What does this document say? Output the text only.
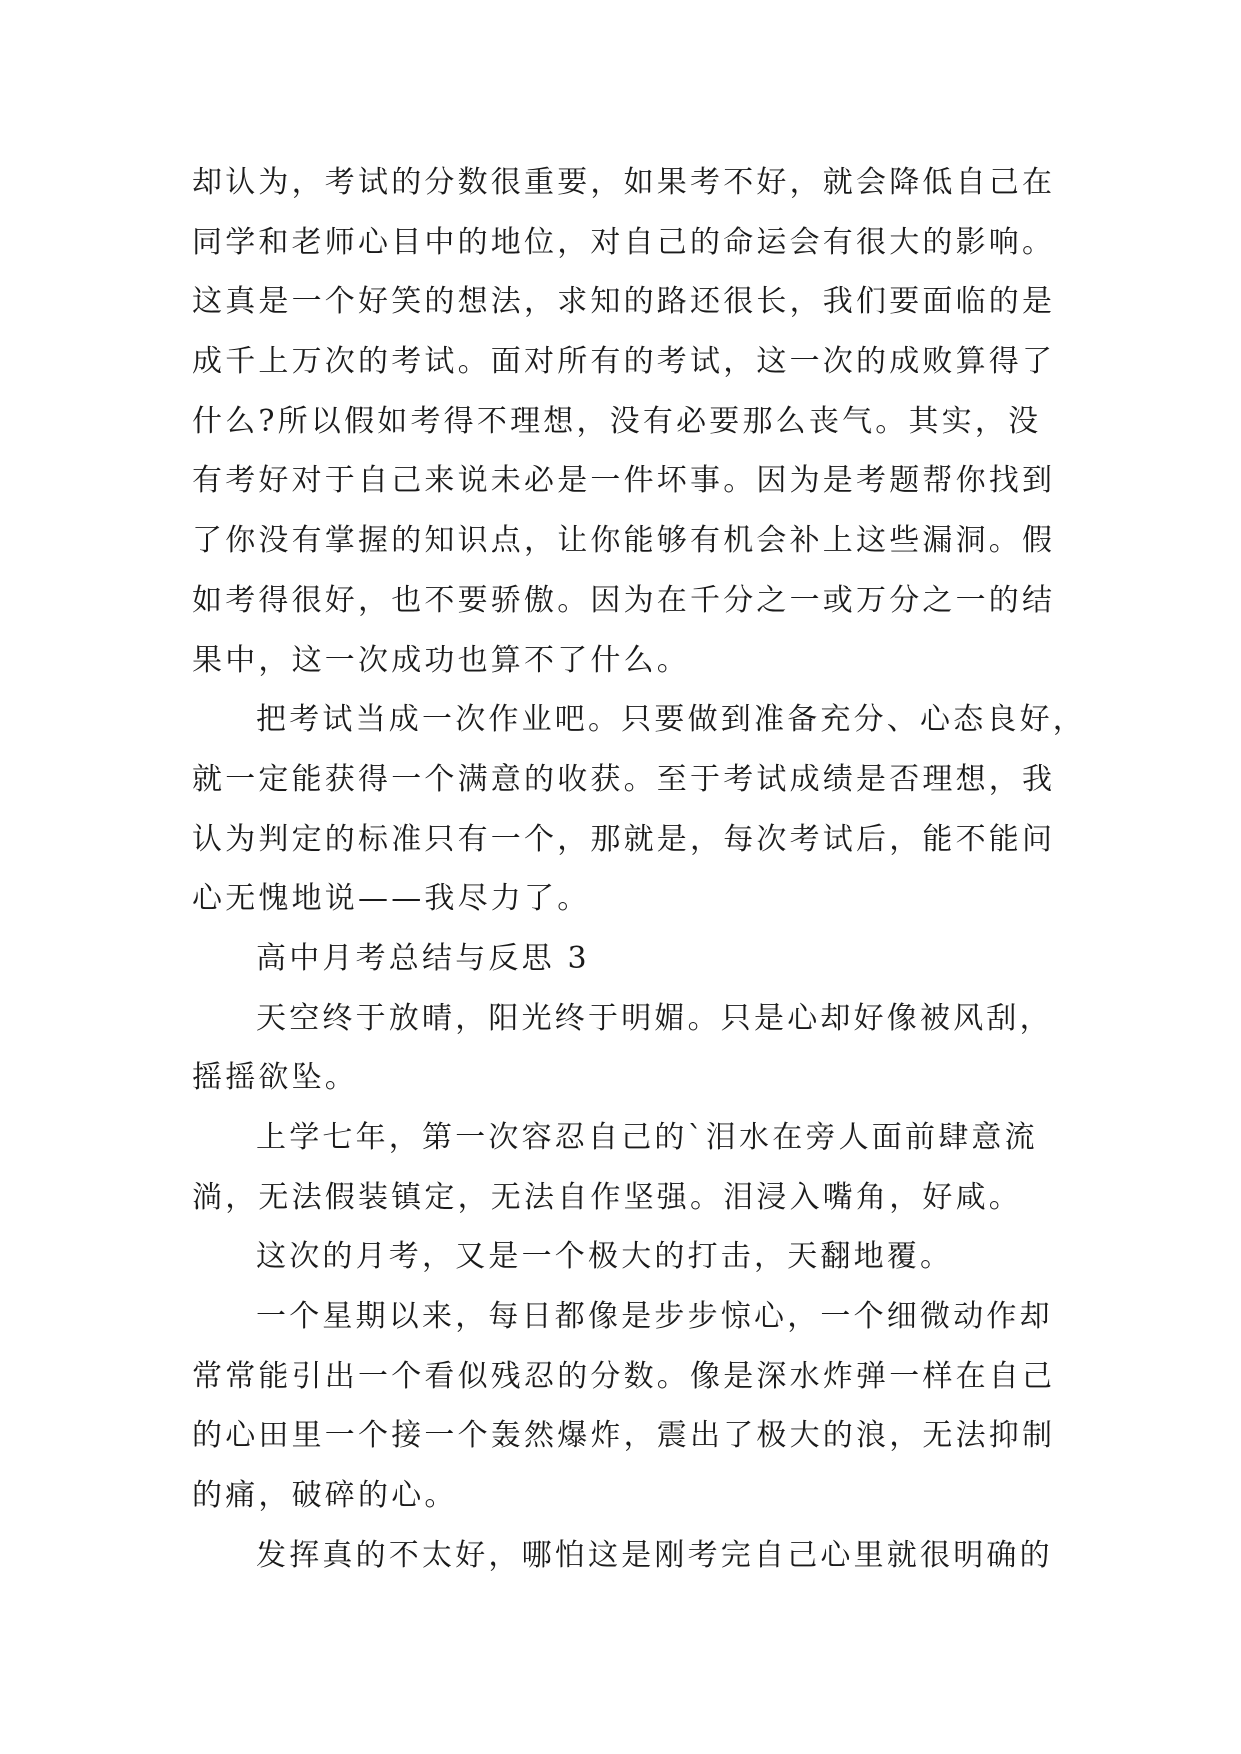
却认为，考试的分数很重要，如果考不好，就会降低自己在
同学和老师心目中的地位，对自己的命运会有很大的影响。
这真是一个好笑的想法，求知的路还很长，我们要面临的是
成千上万次的考试。面对所有的考试，这一次的成败算得了
什么?所以假如考得不理想，没有必要那么丧气。其实，没
有考好对于自己来说未必是一件坏事。因为是考题帮你找到
了你没有掌握的知识点，让你能够有机会补上这些漏洞。假
如考得很好，也不要骄傲。因为在千分之一或万分之一的结
果中，这一次成功也算不了什么。
把考试当成一次作业吧。只要做到准备充分、心态良好，
就一定能获得一个满意的收获。至于考试成绩是否理想，我
认为判定的标准只有一个，那就是，每次考试后，能不能问
心无愧地说——我尽力了。
高中月考总结与反思 3
天空终于放晴，阳光终于明媚。只是心却好像被风刮，
摇摇欲坠。
上学七年，第一次容忍自己的`泪水在旁人面前肆意流
淌，无法假装镇定，无法自作坚强。泪浸入嘴角，好咸。
这次的月考，又是一个极大的打击，天翻地覆。
一个星期以来，每日都像是步步惊心，一个细微动作却
常常能引出一个看似残忍的分数。像是深水炸弹一样在自己
的心田里一个接一个轰然爆炸，震出了极大的浪，无法抑制
的痛，破碎的心。
发挥真的不太好，哪怕这是刚考完自己心里就很明确的
